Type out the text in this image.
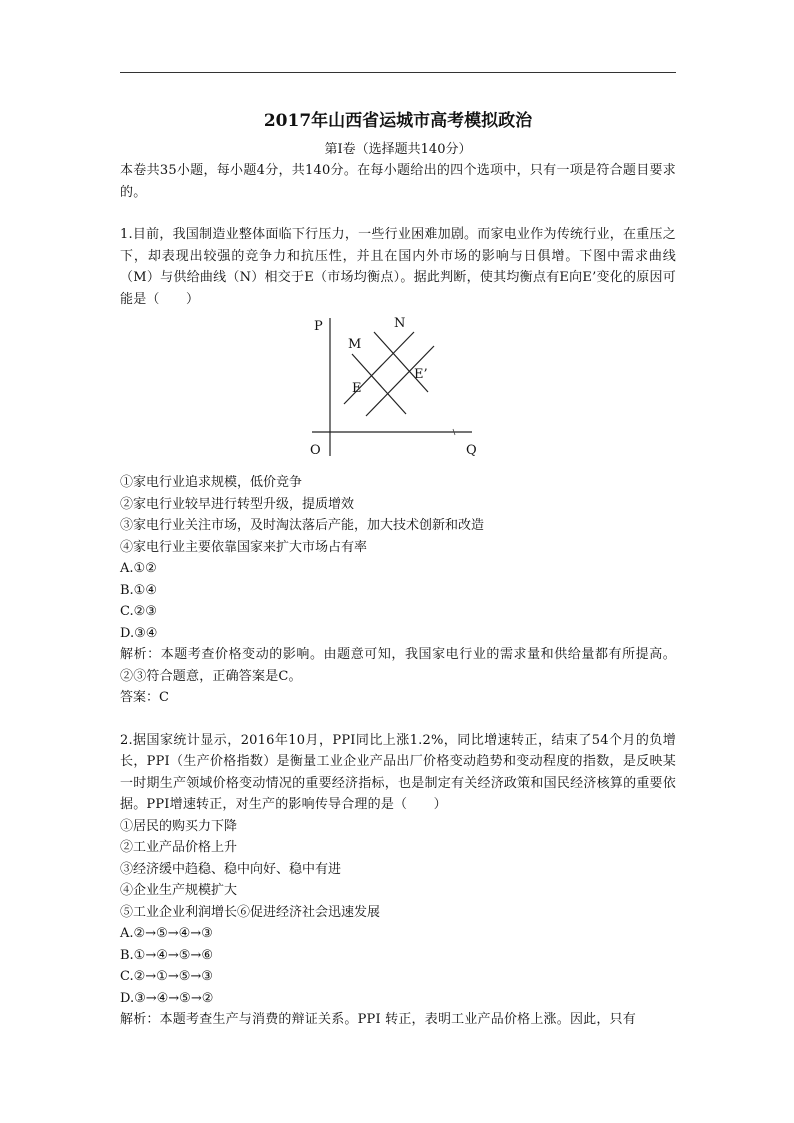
2017年山西省运城市高考模拟政治
第Ⅰ卷（选择题共140分）

本卷共35小题，每小题4分，共140分。在每小题给出的四个选项中，只有一项是符合题目要求的。

1.目前，我国制造业整体面临下行压力，一些行业困难加剧。而家电业作为传统行业，在重压之下，却表现出较强的竞争力和抗压性，并且在国内外市场的影响与日俱增。下图中需求曲线（M）与供给曲线（N）相交于E（市场均衡点）。据此判断，使其均衡点有E向E’变化的原因可能是（　　）

P
Q
O
M
N
E
E’
①家电行业追求规模，低价竞争
②家电行业较早进行转型升级，提质增效
③家电行业关注市场，及时淘汰落后产能，加大技术创新和改造
④家电行业主要依靠国家来扩大市场占有率
A.①②
B.①④
C.②③
D.③④

解析：本题考查价格变动的影响。由题意可知，我国家电行业的需求量和供给量都有所提高。②③符合题意，正确答案是C。

答案：C

2.据国家统计显示，2016年10月，PPI同比上涨1.2%，同比增速转正，结束了54个月的负增长，PPI（生产价格指数）是衡量工业企业产品出厂价格变动趋势和变动程度的指数，是反映某一时期生产领域价格变动情况的重要经济指标，也是制定有关经济政策和国民经济核算的重要依据。PPI增速转正，对生产的影响传导合理的是（　　）

①居民的购买力下降
②工业产品价格上升
③经济缓中趋稳、稳中向好、稳中有进
④企业生产规模扩大
⑤工业企业利润增长⑥促进经济社会迅速发展
A.②→⑤→④→③
B.①→④→⑤→⑥
C.②→①→⑤→③
D.③→④→⑤→②

解析：本题考查生产与消费的辩证关系。PPI 转正，表明工业产品价格上涨。因此，只有
